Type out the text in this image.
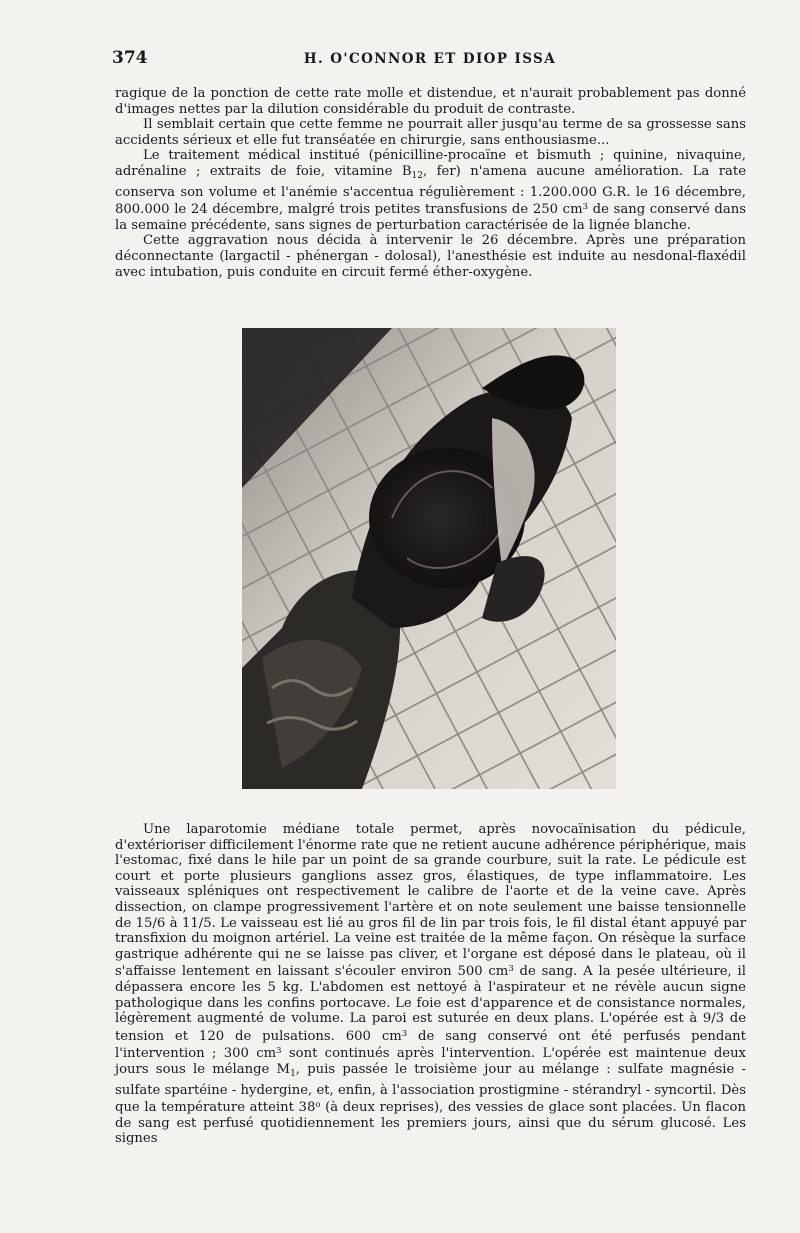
374	H. O'CONNOR ET DIOP ISSA

ragique de la ponction de cette rate molle et distendue, et n'aurait probablement pas donné d'images nettes par la dilution considérable du produit de contraste.

Il semblait certain que cette femme ne pourrait aller jusqu'au terme de sa grossesse sans accidents sérieux et elle fut transéatée en chirurgie, sans enthousiasme...

Le traitement médical institué (pénicilline-procaïne et bismuth ; quinine, nivaquine, adrénaline ; extraits de foie, vitamine $B_{12}$, fer) n'amena aucune amélioration. La rate conserva son volume et l'anémie s'accentua régulièrement : 1.200.000 G.R. le 16 décembre, 800.000 le 24 décembre, malgré trois petites transfusions de 250 $cm^3$ de sang conservé dans la semaine précédente, sans signes de perturbation caractérisée de la lignée blanche.

Cette aggravation nous décida à intervenir le 26 décembre. Après une préparation déconnectante (largactil - phénergan - dolosal), l'anesthésie est induite au nesdonal-flaxédil avec intubation, puis conduite en circuit fermé éther-oxygène.

Une laparotomie médiane totale permet, après novocaïnisation du pédicule, d'extérioriser difficilement l'énorme rate que ne retient aucune adhérence périphérique, mais l'estomac, fixé dans le hile par un point de sa grande courbure, suit la rate. Le pédicule est court et porte plusieurs ganglions assez gros, élastiques, de type inflammatoire. Les vaisseaux spléniques ont respectivement le calibre de l'aorte et de la veine cave. Après dissection, on clampe progressivement l'artère et on note seulement une baisse tensionnelle de 15/6 à 11/5. Le vaisseau est lié au gros fil de lin par trois fois, le fil distal étant appuyé par transfixion du moignon artériel. La veine est traitée de la même façon. On résèque la surface gastrique adhérente qui ne se laisse pas cliver, et l'organe est déposé dans le plateau, où il s'affaisse lentement en laissant s'écouler environ 500 $cm^3$ de sang. A la pesée ultérieure, il dépassera encore les 5 kg. L'abdomen est nettoyé à l'aspirateur et ne révèle aucun signe pathologique dans les confins portocave. Le foie est d'apparence et de consistance normales, légèrement augmenté de volume. La paroi est suturée en deux plans. L'opérée est à 9/3 de tension et 120 de pulsations. 600 $cm^3$ de sang conservé ont été perfusés pendant l'intervention ; 300 $cm^3$ sont continués après l'intervention. L'opérée est maintenue deux jours sous le mélange $M_1$, puis passée le troisième jour au mélange : sulfate magnésie - sulfate spartéine - hydergine, et, enfin, à l'association prostigmine - stérandryl - syncortil. Dès que la température atteint 38$^o$ (à deux reprises), des vessies de glace sont placées. Un flacon de sang est perfusé quotidiennement les premiers jours, ainsi que du sérum glucosé. Les signes
